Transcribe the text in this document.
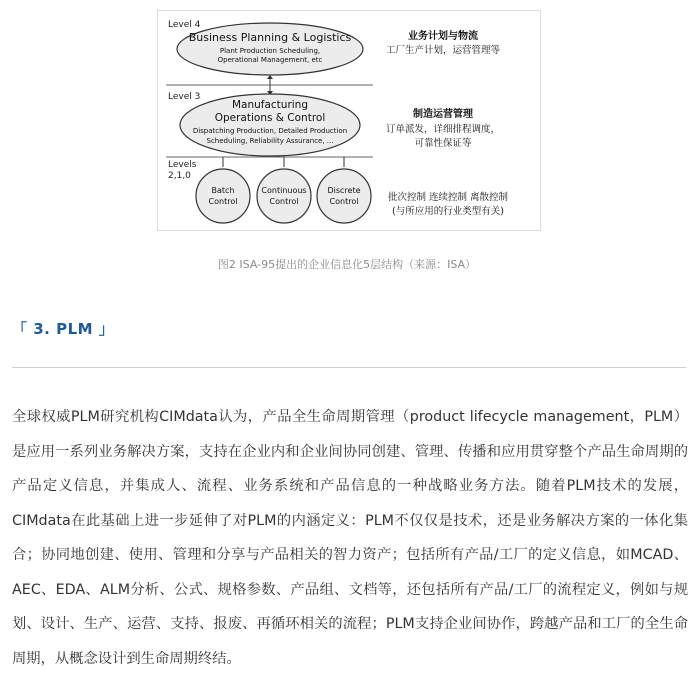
Level 4
Business Planning & Logistics
Plant Production Scheduling,
Operational Management, etc
业务计划与物流
工厂生产计划，运营管理等
Level 3
Manufacturing
Operations & Control
Dispatching Production, Detailed Production
Scheduling, Reliability Assurance, ...
制造运营管理
订单派发，详细排程调度，
可靠性保证等
Levels
2,1,0
Batch
Control
Continuous
Control
Discrete
Control	批次控制 连续控制 离散控制
(与所应用的行业类型有关)
图2 ISA-95提出的企业信息化5层结构（来源：ISA）
「 3. PLM 」

全球权威PLM研究机构CIMdata认为，产品全生命周期管理（product lifecycle management，PLM）是应用一系列业务解决方案，支持在企业内和企业间协同创建、管理、传播和应用贯穿整个产品生命周期的产品定义信息，并集成人、流程、业务系统和产品信息的一种战略业务方法。随着PLM技术的发展，CIMdata在此基础上进一步延伸了对PLM的内涵定义：PLM不仅仅是技术，还是业务解决方案的一体化集合；协同地创建、使用、管理和分享与产品相关的智力资产；包括所有产品/工厂的定义信息，如MCAD、AEC、EDA、ALM分析、公式、规格参数、产品组、文档等，还包括所有产品/工厂的流程定义，例如与规划、设计、生产、运营、支持、报废、再循环相关的流程；PLM支持企业间协作，跨越产品和工厂的全生命周期，从概念设计到生命周期终结。
